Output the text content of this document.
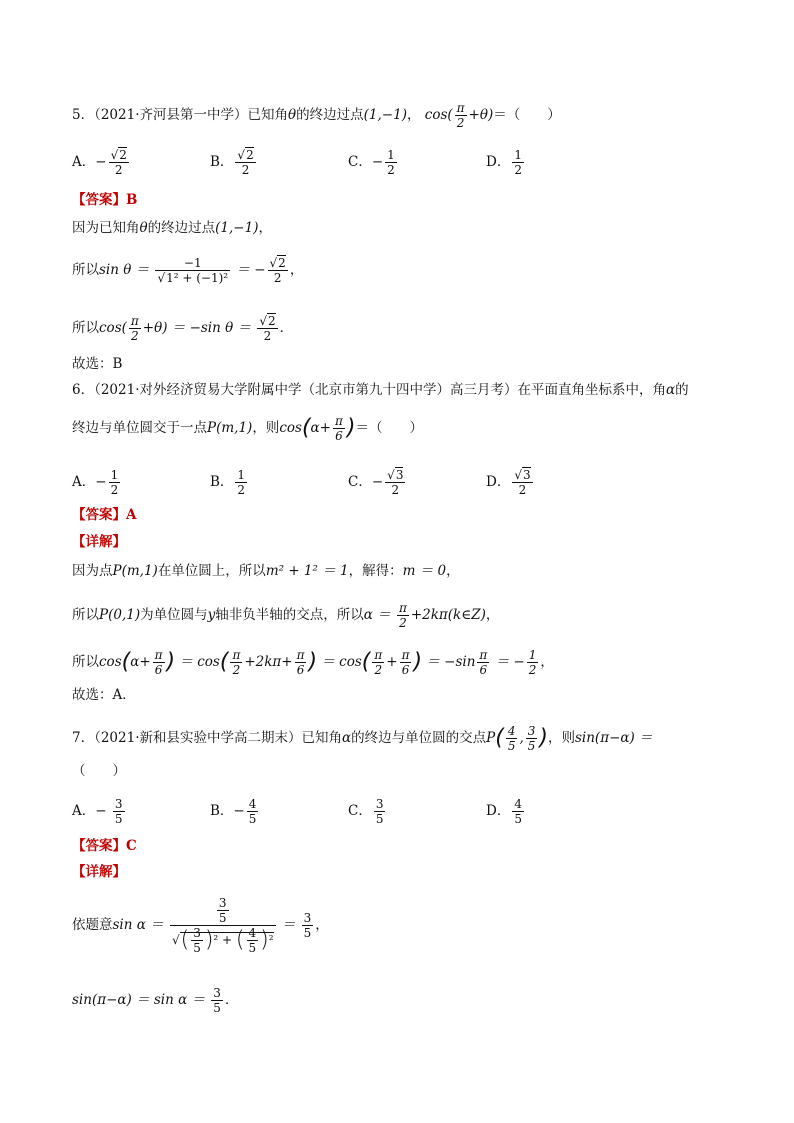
5．（2021·齐河县第一中学）已知角θ的终边过点(1,−1)， $\cos( \frac{\pi}{2} +\theta)=$（　　）
A．− $\frac{√2}{2}$	B． $\frac{√2}{2}$	C．− $\frac{1}{2}$	D． $\frac{1}{2}$
【答案】B
因为已知角θ的终边过点(1,−1)，
所以$\sin \theta = \frac{-1}{\text{√1² + (−1)²}}$ ＝ − $\frac{√2}{2}$ ，
所以$\cos( \frac{\pi}{2} +\theta) = -\sin$ $\theta = \frac{√2}{2}$ ．
故选：B
6．（2021·对外经济贸易大学附属中学（北京市第九十四中学）高三月考）在平面直角坐标系中，角α的
终边与单位圆交于一点P(m,1)，则$\cos(\alpha+ \frac{\pi}{6}$ )＝（　　）
A．− $\frac{1}{2}$	B． $\frac{1}{2}$	C．− $\frac{√3}{2}$	D． $\frac{√3}{2}$
【答案】A
【详解】
因为点P(m,1)在单位圆上，所以m² + 1² ＝ 1，解得：m ＝ 0，
所以P(0,1)为单位圆与y轴非负半轴的交点，所以$\alpha = \frac{\pi}{2}$ +2kπ(k∈Z)，
所以$\cos(\alpha+ \frac{\pi}{6}$ ) ＝ $\cos( \frac{\pi}{2} +2k\pi+ \frac{\pi}{6}$ ) ＝ $\cos( \frac{\pi}{2} + \frac{\pi}{6}$ ) ＝ $-\sin \frac{\pi}{6}$ ＝ − $\frac{1}{2}$ ，
故选：A．
7．（2021·新和县实验中学高二期末）已知角α的终边与单位圆的交点$P( \frac{4}{5}$ , $\frac{3}{5}$ )，则sin(π−α) ＝
（　　）
A．− $\frac{3}{5}$	B．− $\frac{4}{5}$	C． $\frac{3}{5}$	D． $\frac{4}{5}$
【答案】C
【详解】
依题意$\sin \alpha = \frac{\frac{3}{5}}{√( \frac{3}{5} )^2 + ( \frac{4}{5} )^2} = \frac{3}{5}$ ，
$\sin(\pi-\alpha) = \sin \alpha = \frac{3}{5}$ ．
